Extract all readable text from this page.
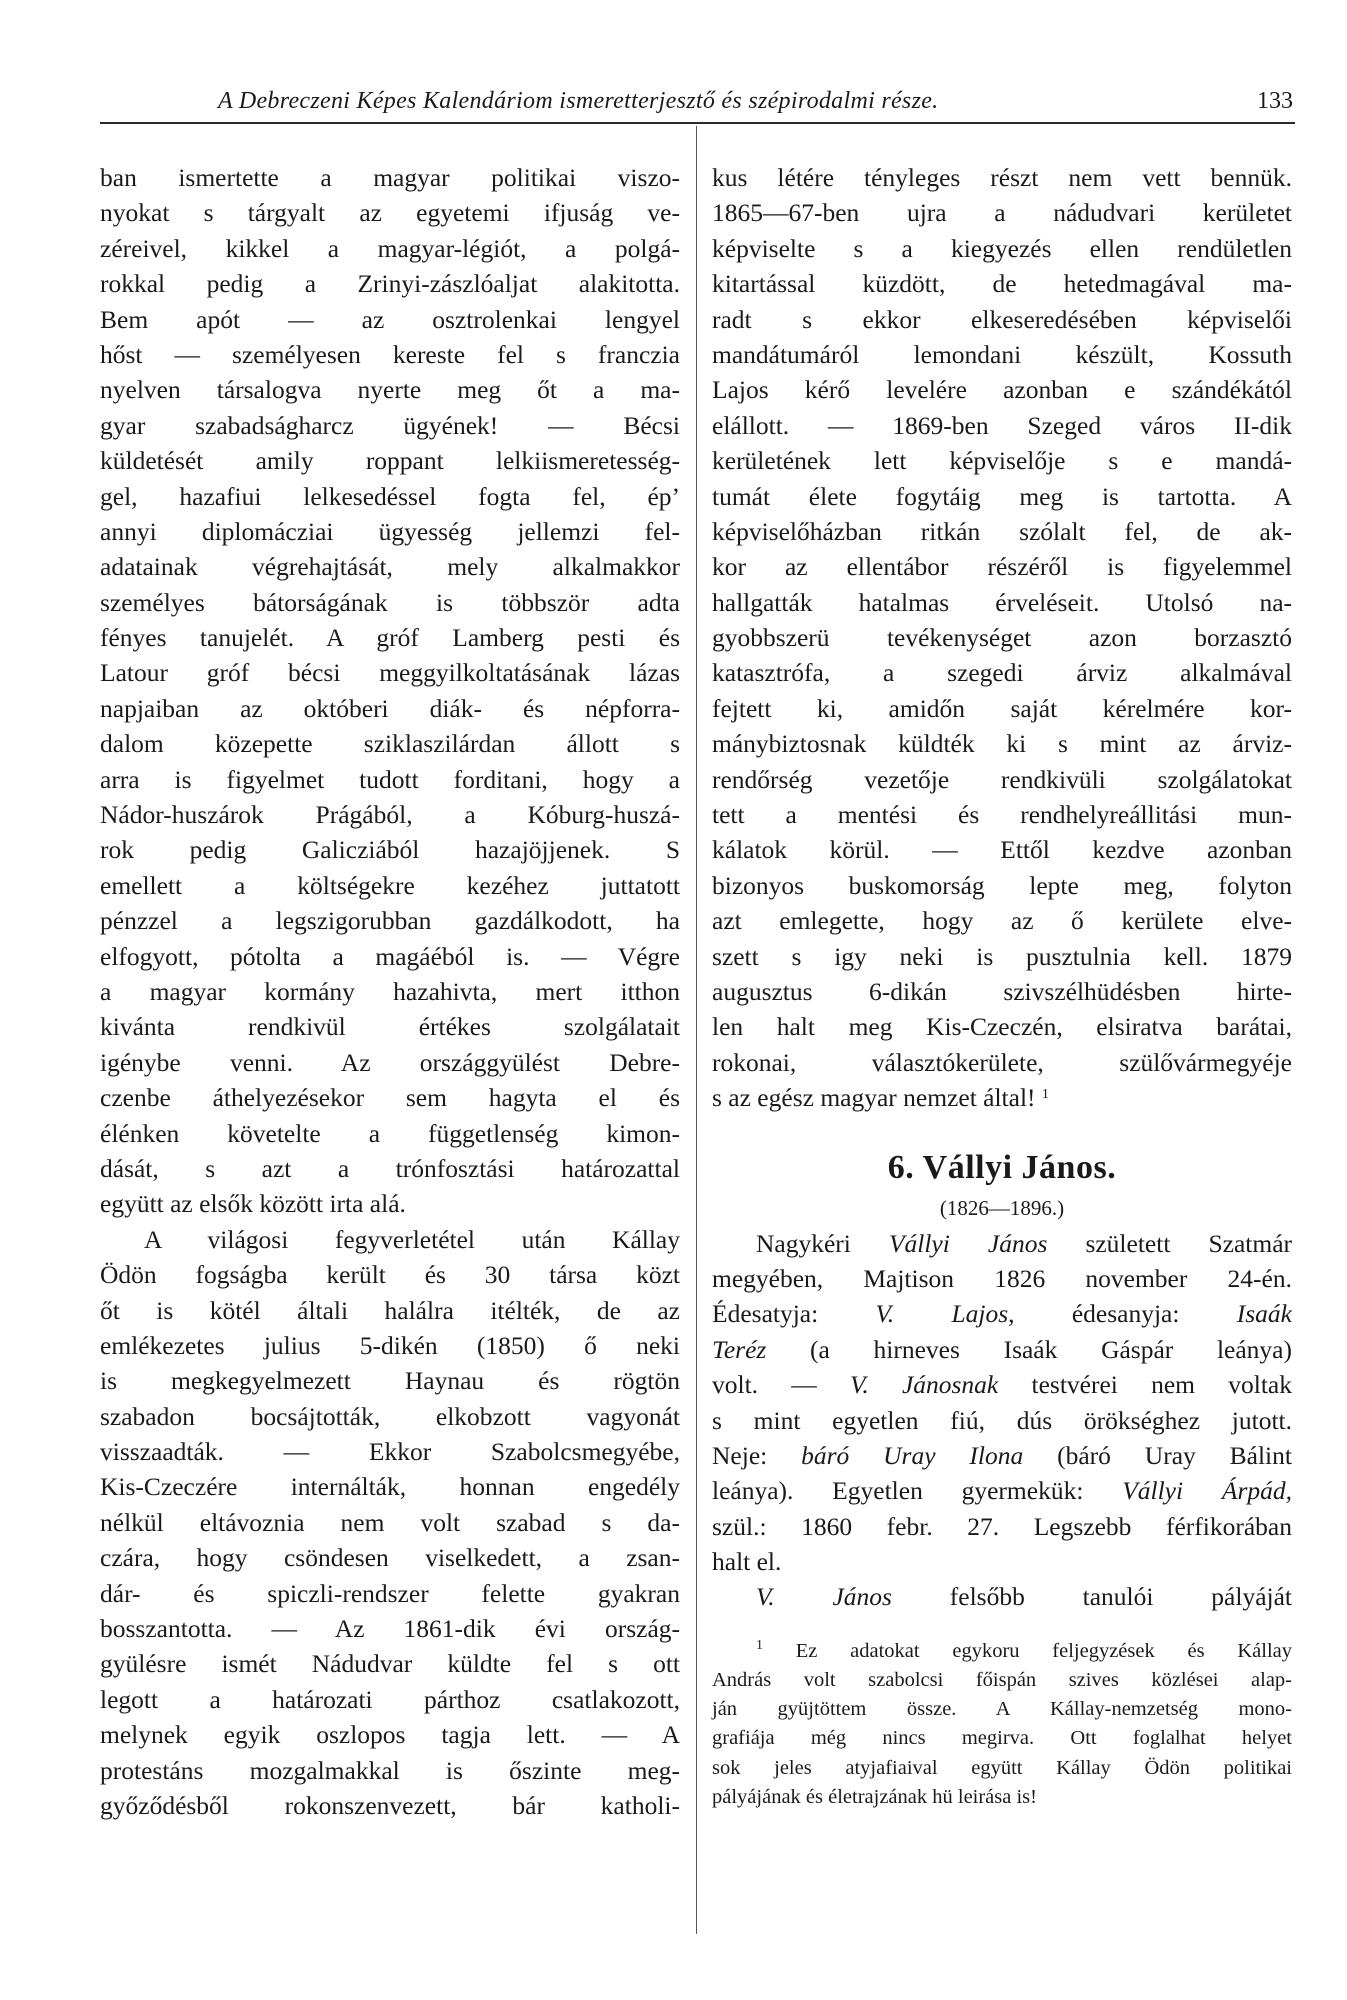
A Debreczeni Képes Kalendáriom ismeretterjesztő és szépirodalmi része.	133
ban ismertette a magyar politikai viszo-
nyokat s tárgyalt az egyetemi ifjuság ve-
zéreivel, kikkel a magyar-légiót, a polgá-
rokkal pedig a Zrinyi-zászlóaljat alakitotta.
Bem apót — az osztrolenkai lengyel
hőst — személyesen kereste fel s franczia
nyelven társalogva nyerte meg őt a ma-
gyar szabadságharcz ügyének! — Bécsi
küldetését amily roppant lelkiismeretesség-
gel, hazafiui lelkesedéssel fogta fel, ép’
annyi diplomácziai ügyesség jellemzi fel-
adatainak végrehajtását, mely alkalmakkor
személyes bátorságának is többször adta
fényes tanujelét. A gróf Lamberg pesti és
Latour gróf bécsi meggyilkoltatásának lázas
napjaiban az októberi diák- és népforra-
dalom közepette sziklaszilárdan állott s
arra is figyelmet tudott forditani, hogy a
Nádor-huszárok Prágából, a Kóburg-huszá-
rok pedig Galicziából hazajöjjenek. S
emellett a költségekre kezéhez juttatott
pénzzel a legszigorubban gazdálkodott, ha
elfogyott, pótolta a magáéból is. — Végre
a magyar kormány hazahivta, mert itthon
kivánta rendkivül értékes szolgálatait
igénybe venni. Az országgyülést Debre-
czenbe áthelyezésekor sem hagyta el és
élénken követelte a függetlenség kimon-
dását, s azt a trónfosztási határozattal
együtt az elsők között irta alá.
A világosi fegyverletétel után Kállay
Ödön fogságba került és 30 társa közt
őt is kötél általi halálra itélték, de az
emlékezetes julius 5-dikén (1850) ő neki
is megkegyelmezett Haynau és rögtön
szabadon bocsájtották, elkobzott vagyonát
visszaadták. — Ekkor Szabolcsmegyébe,
Kis-Czeczére internálták, honnan engedély
nélkül eltávoznia nem volt szabad s da-
czára, hogy csöndesen viselkedett, a zsan-
dár- és spiczli-rendszer felette gyakran
bosszantotta. — Az 1861-dik évi ország-
gyülésre ismét Nádudvar küldte fel s ott
legott a határozati párthoz csatlakozott,
melynek egyik oszlopos tagja lett. — A
protestáns mozgalmakkal is őszinte meg-
győződésből rokonszenvezett, bár katholi-
kus létére tényleges részt nem vett bennük.
1865—67-ben ujra a nádudvari kerületet
képviselte s a kiegyezés ellen rendületlen
kitartással küzdött, de hetedmagával ma-
radt s ekkor elkeseredésében képviselői
mandátumáról lemondani készült, Kossuth
Lajos kérő levelére azonban e szándékától
elállott. — 1869-ben Szeged város II-dik
kerületének lett képviselője s e mandá-
tumát élete fogytáig meg is tartotta. A
képviselőházban ritkán szólalt fel, de ak-
kor az ellentábor részéről is figyelemmel
hallgatták hatalmas érveléseit. Utolsó na-
gyobbszerü tevékenységet azon borzasztó
katasztrófa, a szegedi árviz alkalmával
fejtett ki, amidőn saját kérelmére kor-
mánybiztosnak küldték ki s mint az árviz-
rendőrség vezetője rendkivüli szolgálatokat
tett a mentési és rendhelyreállitási mun-
kálatok körül. — Ettől kezdve azonban
bizonyos buskomorság lepte meg, folyton
azt emlegette, hogy az ő kerülete elve-
szett s igy neki is pusztulnia kell. 1879
augusztus 6-dikán szivszélhüdésben hirte-
len halt meg Kis-Czeczén, elsiratva barátai,
rokonai, választókerülete, szülővármegyéje
s az egész magyar nemzet által! $^1$
6. Vállyi János.
(1826—1896.)
Nagykéri Vállyi János született Szatmár
megyében, Majtison 1826 november 24-én.
Édesatyja: V. Lajos, édesanyja: Isaák
Teréz (a hirneves Isaák Gáspár leánya)
volt. — V. Jánosnak testvérei nem voltak
s mint egyetlen fiú, dús örökséghez jutott.
Neje: báró Uray Ilona (báró Uray Bálint
leánya). Egyetlen gyermekük: Vállyi Árpád,
szül.: 1860 febr. 27. Legszebb férfikorában
halt el.
V. János felsőbb tanulói pályáját
$^1$ Ez adatokat egykoru feljegyzések és Kállay
András volt szabolcsi főispán szives közlései alap-
ján gyüjtöttem össze. A Kállay-nemzetség mono-
grafiája még nincs megirva. Ott foglalhat helyet
sok jeles atyjafiaival együtt Kállay Ödön politikai
pályájának és életrajzának hü leirása is!
